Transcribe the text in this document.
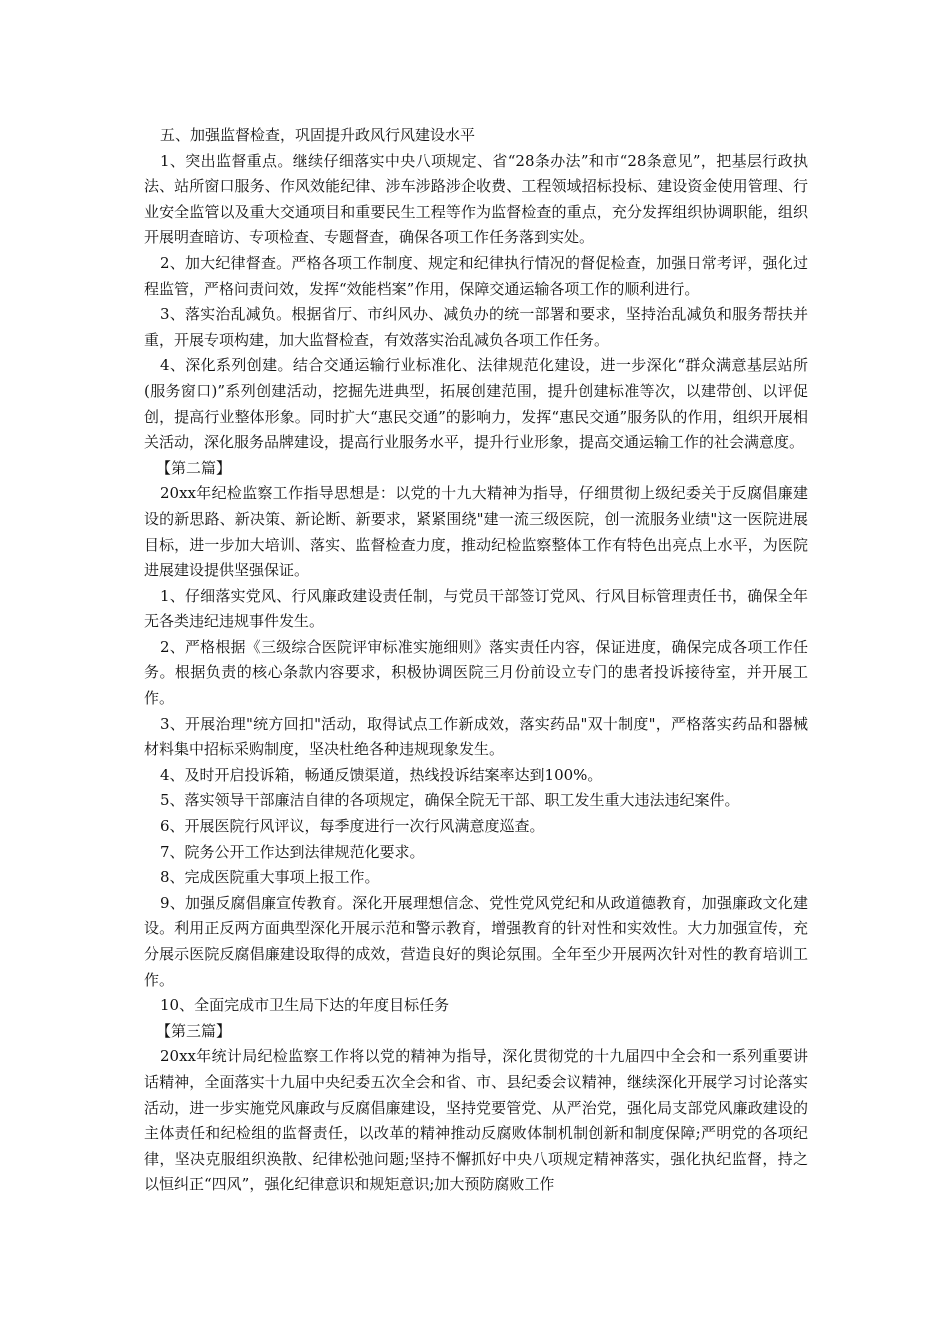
五、加强监督检查，巩固提升政风行风建设水平

1、突出监督重点。继续仔细落实中央八项规定、省“28条办法”和市“28条意见”，把基层行政执法、站所窗口服务、作风效能纪律、涉车涉路涉企收费、工程领域招标投标、建设资金使用管理、行业安全监管以及重大交通项目和重要民生工程等作为监督检查的重点，充分发挥组织协调职能，组织开展明查暗访、专项检查、专题督查，确保各项工作任务落到实处。

2、加大纪律督查。严格各项工作制度、规定和纪律执行情况的督促检查，加强日常考评，强化过程监管，严格问责问效，发挥“效能档案”作用，保障交通运输各项工作的顺利进行。

3、落实治乱减负。根据省厅、市纠风办、减负办的统一部署和要求，坚持治乱减负和服务帮扶并重，开展专项构建，加大监督检查，有效落实治乱减负各项工作任务。

4、深化系列创建。结合交通运输行业标准化、法律规范化建设，进一步深化“群众满意基层站所(服务窗口)”系列创建活动，挖掘先进典型，拓展创建范围，提升创建标准等次，以建带创、以评促创，提高行业整体形象。同时扩大“惠民交通”的影响力，发挥“惠民交通”服务队的作用，组织开展相关活动，深化服务品牌建设，提高行业服务水平，提升行业形象，提高交通运输工作的社会满意度。

【第二篇】

20xx年纪检监察工作指导思想是：以党的十九大精神为指导，仔细贯彻上级纪委关于反腐倡廉建设的新思路、新决策、新论断、新要求，紧紧围绕"建一流三级医院，创一流服务业绩"这一医院进展目标，进一步加大培训、落实、监督检查力度，推动纪检监察整体工作有特色出亮点上水平，为医院进展建设提供坚强保证。

1、仔细落实党风、行风廉政建设责任制，与党员干部签订党风、行风目标管理责任书，确保全年无各类违纪违规事件发生。

2、严格根据《三级综合医院评审标准实施细则》落实责任内容，保证进度，确保完成各项工作任务。根据负责的核心条款内容要求，积极协调医院三月份前设立专门的患者投诉接待室，并开展工作。

3、开展治理"统方回扣"活动，取得试点工作新成效，落实药品"双十制度"，严格落实药品和器械材料集中招标采购制度，坚决杜绝各种违规现象发生。

4、及时开启投诉箱，畅通反馈渠道，热线投诉结案率达到100%。

5、落实领导干部廉洁自律的各项规定，确保全院无干部、职工发生重大违法违纪案件。

6、开展医院行风评议，每季度进行一次行风满意度巡查。

7、院务公开工作达到法律规范化要求。

8、完成医院重大事项上报工作。

9、加强反腐倡廉宣传教育。深化开展理想信念、党性党风党纪和从政道德教育，加强廉政文化建设。利用正反两方面典型深化开展示范和警示教育，增强教育的针对性和实效性。大力加强宣传，充分展示医院反腐倡廉建设取得的成效，营造良好的舆论氛围。全年至少开展两次针对性的教育培训工作。

10、全面完成市卫生局下达的年度目标任务

【第三篇】

20xx年统计局纪检监察工作将以党的精神为指导，深化贯彻党的十九届四中全会和一系列重要讲话精神，全面落实十九届中央纪委五次全会和省、市、县纪委会议精神，继续深化开展学习讨论落实活动，进一步实施党风廉政与反腐倡廉建设，坚持党要管党、从严治党，强化局支部党风廉政建设的主体责任和纪检组的监督责任，以改革的精神推动反腐败体制机制创新和制度保障;严明党的各项纪律，坚决克服组织涣散、纪律松弛问题;坚持不懈抓好中央八项规定精神落实，强化执纪监督，持之以恒纠正“四风”，强化纪律意识和规矩意识;加大预防腐败工作
